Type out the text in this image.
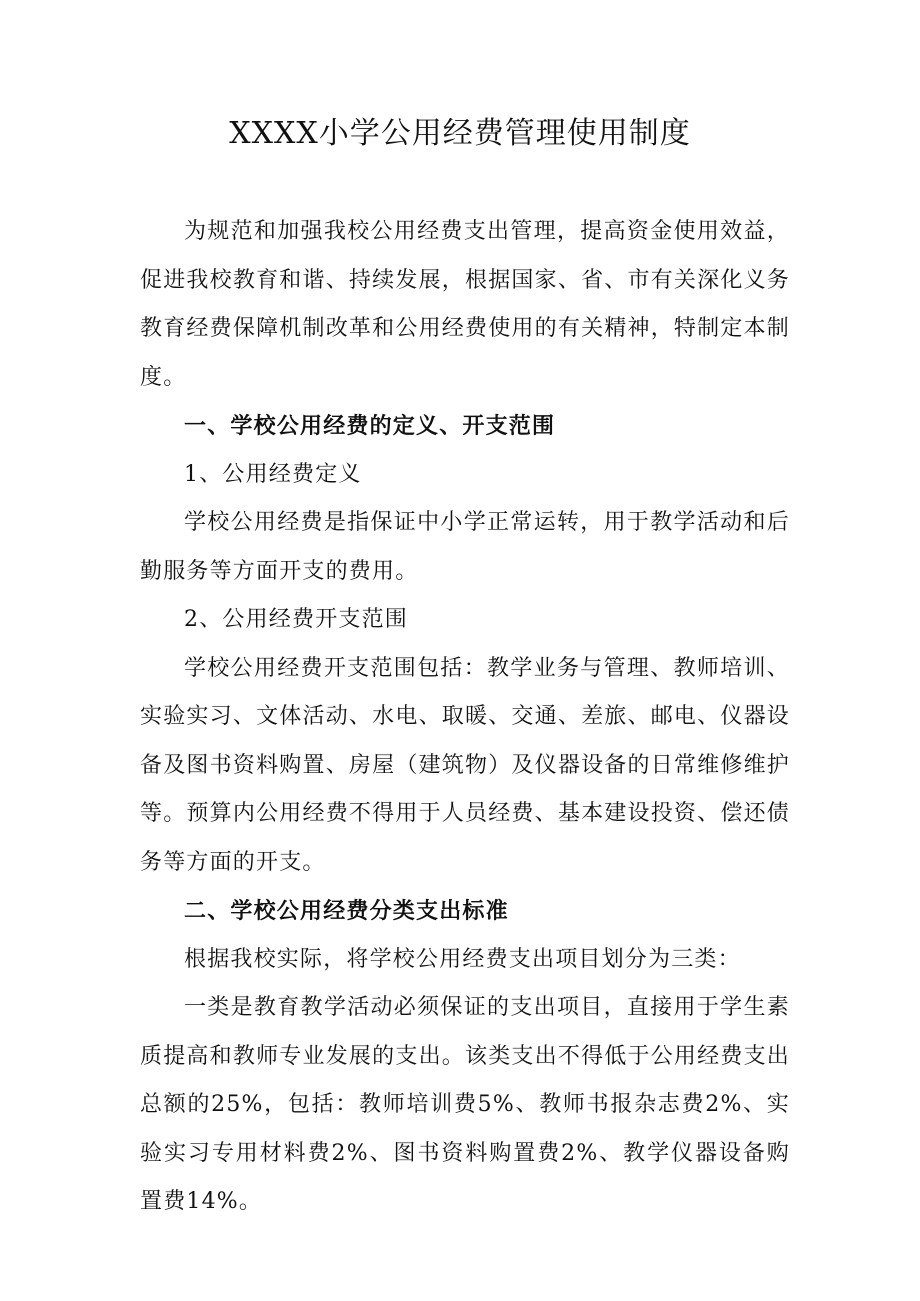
XXXX小学公用经费管理使用制度

为规范和加强我校公用经费支出管理，提高资金使用效益，促进我校教育和谐、持续发展，根据国家、省、市有关深化义务教育经费保障机制改革和公用经费使用的有关精神，特制定本制度。

一、学校公用经费的定义、开支范围

1、公用经费定义

学校公用经费是指保证中小学正常运转，用于教学活动和后勤服务等方面开支的费用。

2、公用经费开支范围

学校公用经费开支范围包括：教学业务与管理、教师培训、实验实习、文体活动、水电、取暖、交通、差旅、邮电、仪器设备及图书资料购置、房屋（建筑物）及仪器设备的日常维修维护等。预算内公用经费不得用于人员经费、基本建设投资、偿还债务等方面的开支。

二、学校公用经费分类支出标准

根据我校实际，将学校公用经费支出项目划分为三类：

一类是教育教学活动必须保证的支出项目，直接用于学生素质提高和教师专业发展的支出。该类支出不得低于公用经费支出总额的25%，包括：教师培训费5%、教师书报杂志费2%、实验实习专用材料费2%、图书资料购置费2%、教学仪器设备购置费14%。
